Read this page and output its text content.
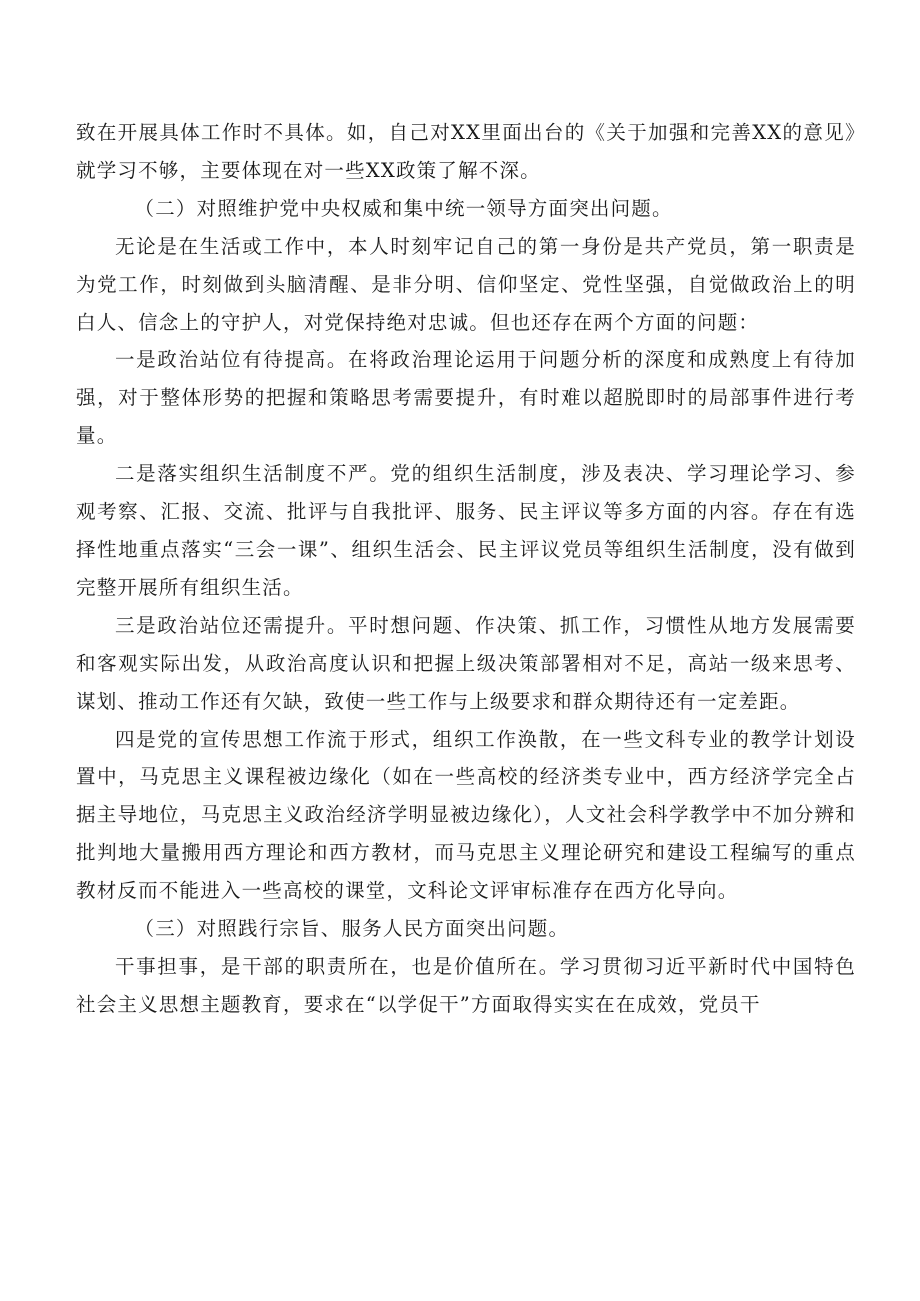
致在开展具体工作时不具体。如，自己对XX里面出台的《关于加强和完善XX的意见》就学习不够，主要体现在对一些XX政策了解不深。

（二）对照维护党中央权威和集中统一领导方面突出问题。

无论是在生活或工作中，本人时刻牢记自己的第一身份是共产党员，第一职责是为党工作，时刻做到头脑清醒、是非分明、信仰坚定、党性坚强，自觉做政治上的明白人、信念上的守护人，对党保持绝对忠诚。但也还存在两个方面的问题：

一是政治站位有待提高。在将政治理论运用于问题分析的深度和成熟度上有待加强，对于整体形势的把握和策略思考需要提升，有时难以超脱即时的局部事件进行考量。

二是落实组织生活制度不严。党的组织生活制度，涉及表决、学习理论学习、参观考察、汇报、交流、批评与自我批评、服务、民主评议等多方面的内容。存在有选择性地重点落实“三会一课”、组织生活会、民主评议党员等组织生活制度，没有做到完整开展所有组织生活。

三是政治站位还需提升。平时想问题、作决策、抓工作，习惯性从地方发展需要和客观实际出发，从政治高度认识和把握上级决策部署相对不足，高站一级来思考、谋划、推动工作还有欠缺，致使一些工作与上级要求和群众期待还有一定差距。

四是党的宣传思想工作流于形式，组织工作涣散，在一些文科专业的教学计划设置中，马克思主义课程被边缘化（如在一些高校的经济类专业中，西方经济学完全占据主导地位，马克思主义政治经济学明显被边缘化），人文社会科学教学中不加分辨和批判地大量搬用西方理论和西方教材，而马克思主义理论研究和建设工程编写的重点教材反而不能进入一些高校的课堂，文科论文评审标准存在西方化导向。

（三）对照践行宗旨、服务人民方面突出问题。

干事担事，是干部的职责所在，也是价值所在。学习贯彻习近平新时代中国特色社会主义思想主题教育，要求在“以学促干”方面取得实实在在成效，党员干
